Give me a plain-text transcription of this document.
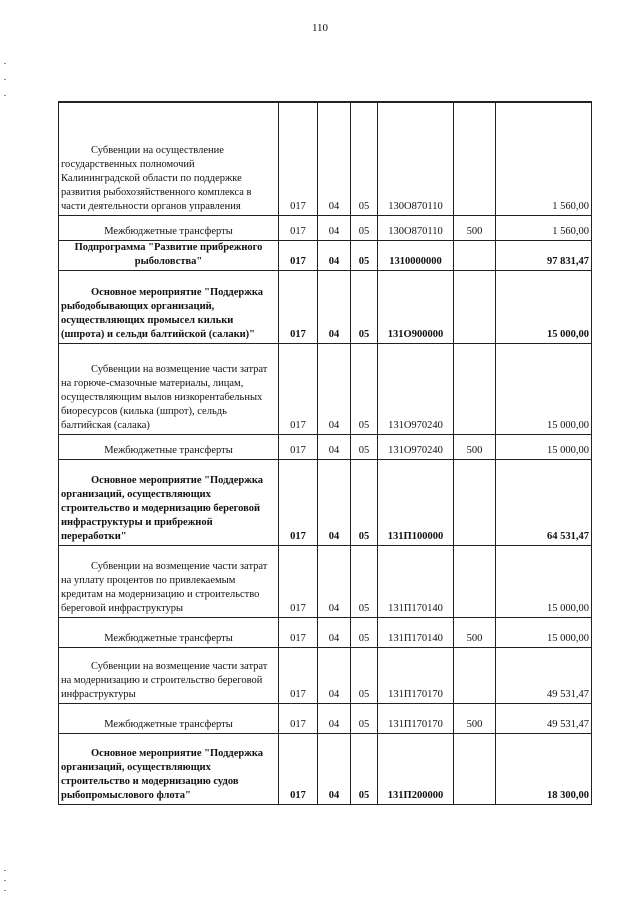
110
Субвенции на осуществление государственных полномочий Калининградской области по поддержке развития рыбохозяйственного комплекса в части деятельности органов управления	017	04	05	130О870110		1 560,00
Межбюджетные трансферты	017	04	05	130О870110	500	1 560,00
Подпрограмма "Развитие прибрежного рыболовства"	017	04	05	1310000000		97 831,47
Основное мероприятие "Поддержка рыбодобывающих организаций, осуществляющих промысел кильки (шпрота) и сельди балтийской (салаки)"	017	04	05	131О900000		15 000,00
Субвенции на возмещение части затрат на горюче-смазочные материалы, лицам, осуществляющим вылов низкорентабельных биоресурсов (килька (шпрот), сельдь балтийская (салака)	017	04	05	131О970240		15 000,00
Межбюджетные трансферты	017	04	05	131О970240	500	15 000,00
Основное мероприятие "Поддержка организаций, осуществляющих строительство и модернизацию береговой инфраструктуры и прибрежной переработки"	017	04	05	131П100000		64 531,47
Субвенции на возмещение части затрат на уплату процентов по привлекаемым кредитам на модернизацию и строительство береговой инфраструктуры	017	04	05	131П170140		15 000,00
Межбюджетные трансферты	017	04	05	131П170140	500	15 000,00
Субвенции на возмещение части затрат на модернизацию и строительство береговой инфраструктуры	017	04	05	131П170170		49 531,47
Межбюджетные трансферты	017	04	05	131П170170	500	49 531,47
Основное мероприятие "Поддержка организаций, осуществляющих строительство и модернизацию судов рыбопромыслового флота"	017	04	05	131П200000		18 300,00
